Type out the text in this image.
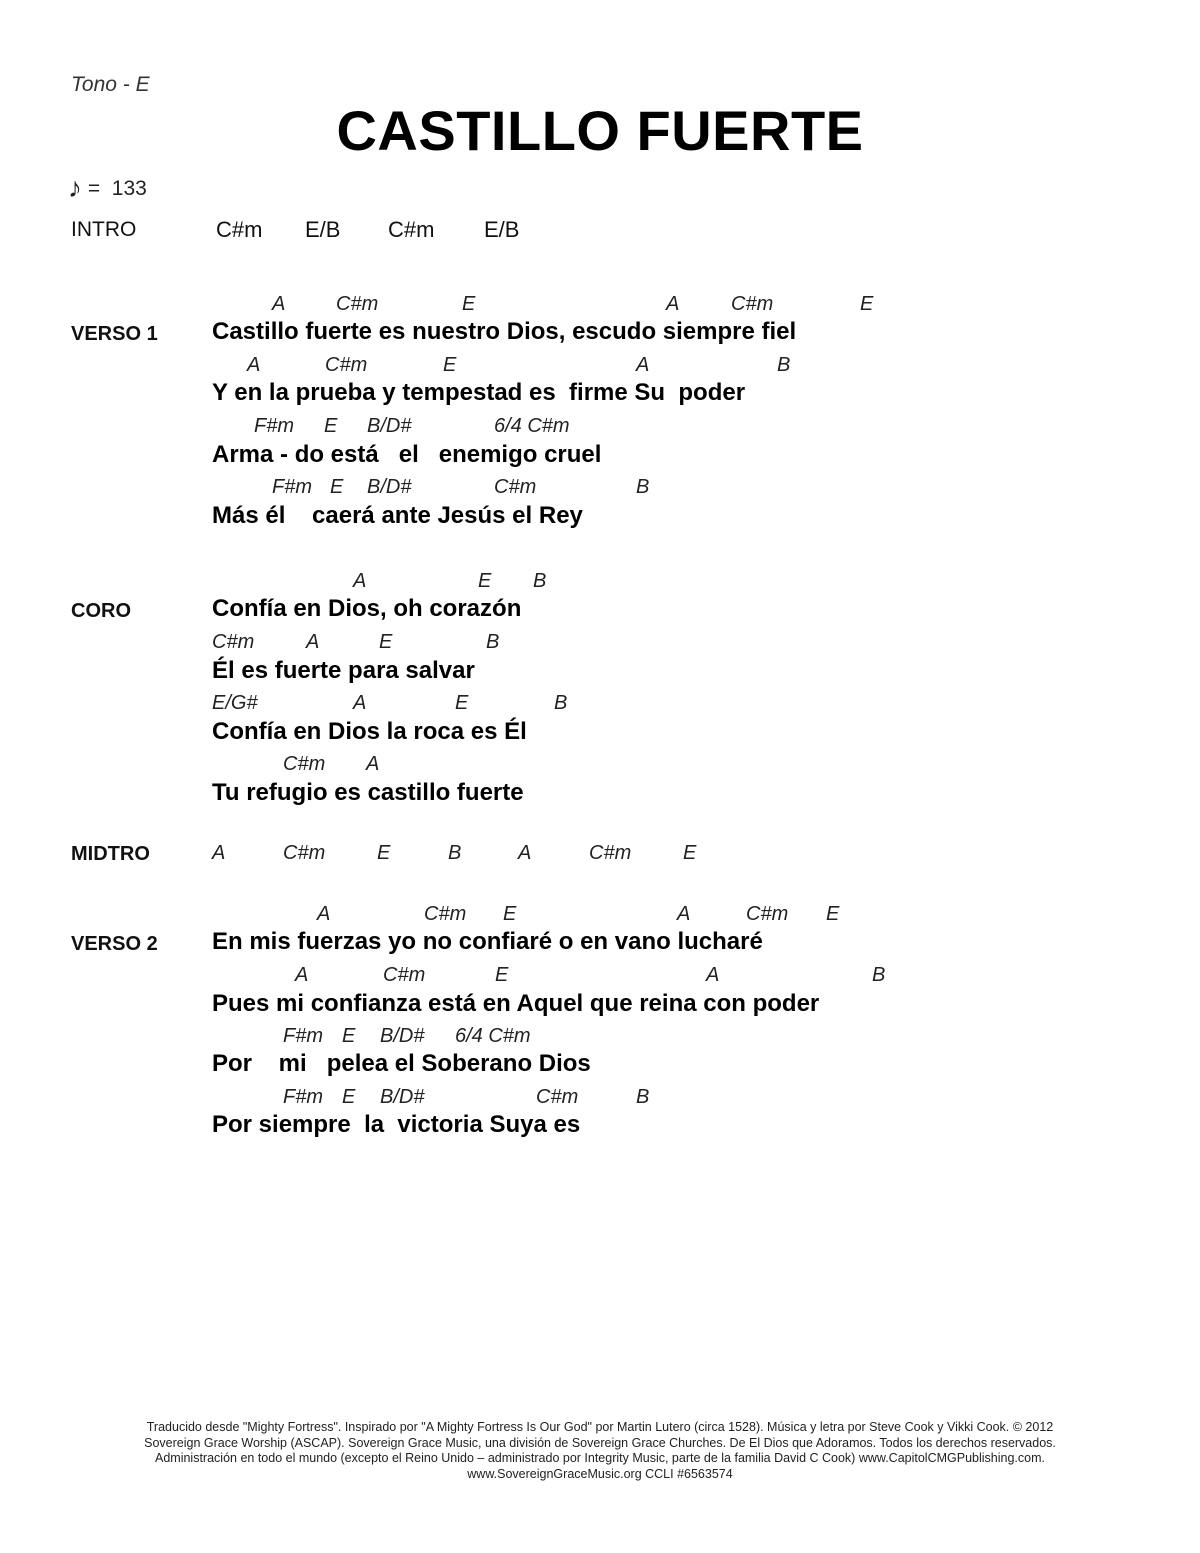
Tono - E
CASTILLO FUERTE
♪ =  133
INTRO	C#m E/B C#m E/B
VERSO 1
A	C#m	E	A	C#m	E
Castillo fuerte es nuestro Dios, escudo siempre fiel
A	C#m	E	A	B
Y en la prueba y tempestad es  firme Su  poder
F#m E B/D#	6/4 C#m
Arma - do está   el   enemigo cruel
F#m E B/D#	C#m	B
Más él    caerá ante Jesús el Rey
CORO
A	E B
Confía en Dios, oh corazón
C#m	A	E	B
Él es fuerte para salvar
E/G#	A	E	B
Confía en Dios la roca es Él
C#m A
Tu refugio es castillo fuerte
MIDTRO	A	C#m	E	B	A	C#m	E
VERSO 2
A	C#m E	A	C#m E
En mis fuerzas yo no confiaré o en vano lucharé
A	C#m	E	A	B
Pues mi confianza está en Aquel que reina con poder
F#m E B/D# 6/4 C#m
Por    mi   pelea el Soberano Dios
F#m E B/D#	C#m	B
Por siempre  la  victoria Suya es

Traducido desde "Mighty Fortress". Inspirado por "A Mighty Fortress Is Our God" por Martin Lutero (circa 1528). Música y letra por Steve Cook y Vikki Cook. © 2012

Sovereign Grace Worship (ASCAP). Sovereign Grace Music, una división de Sovereign Grace Churches. De El Dios que Adoramos. Todos los derechos reservados.

Administración en todo el mundo (excepto el Reino Unido – administrado por Integrity Music, parte de la familia David C Cook) www.CapitolCMGPublishing.com.

www.SovereignGraceMusic.org CCLI #6563574
